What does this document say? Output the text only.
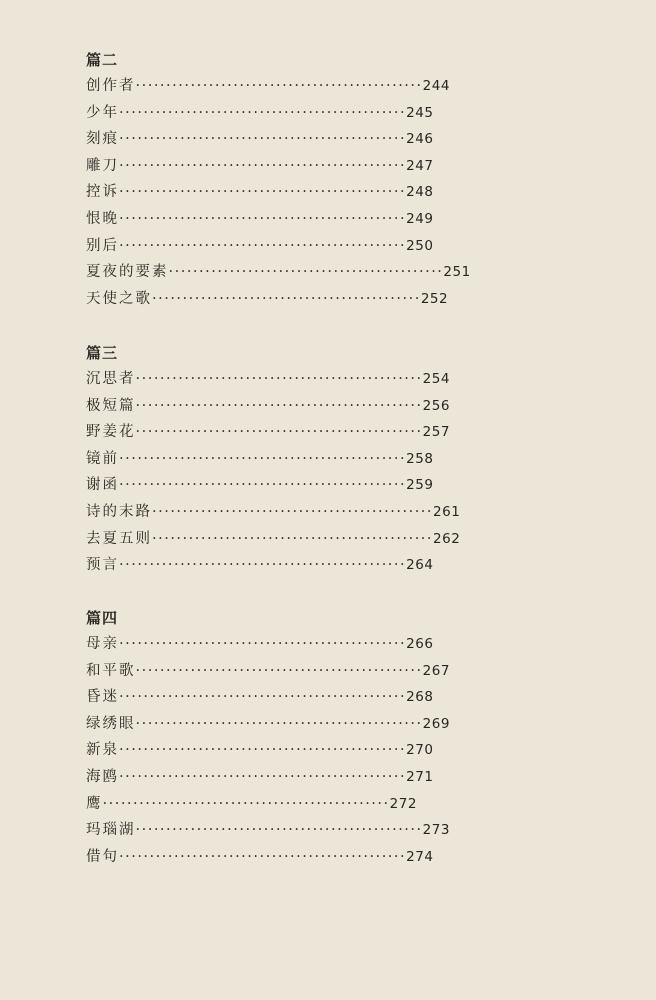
篇二
创作者···············································244
少年···············································245
刻痕···············································246
雕刀···············································247
控诉···············································248
恨晚···············································249
别后···············································250
夏夜的要素·············································251
天使之歌············································252
篇三
沉思者···············································254
极短篇···············································256
野姜花···············································257
镜前···············································258
谢函···············································259
诗的末路··············································261
去夏五则··············································262
预言···············································264
篇四
母亲···············································266
和平歌···············································267
昏迷···············································268
绿绣眼···············································269
新泉···············································270
海鸥···············································271
鹰···············································272
玛瑙湖···············································273
借句···············································274
